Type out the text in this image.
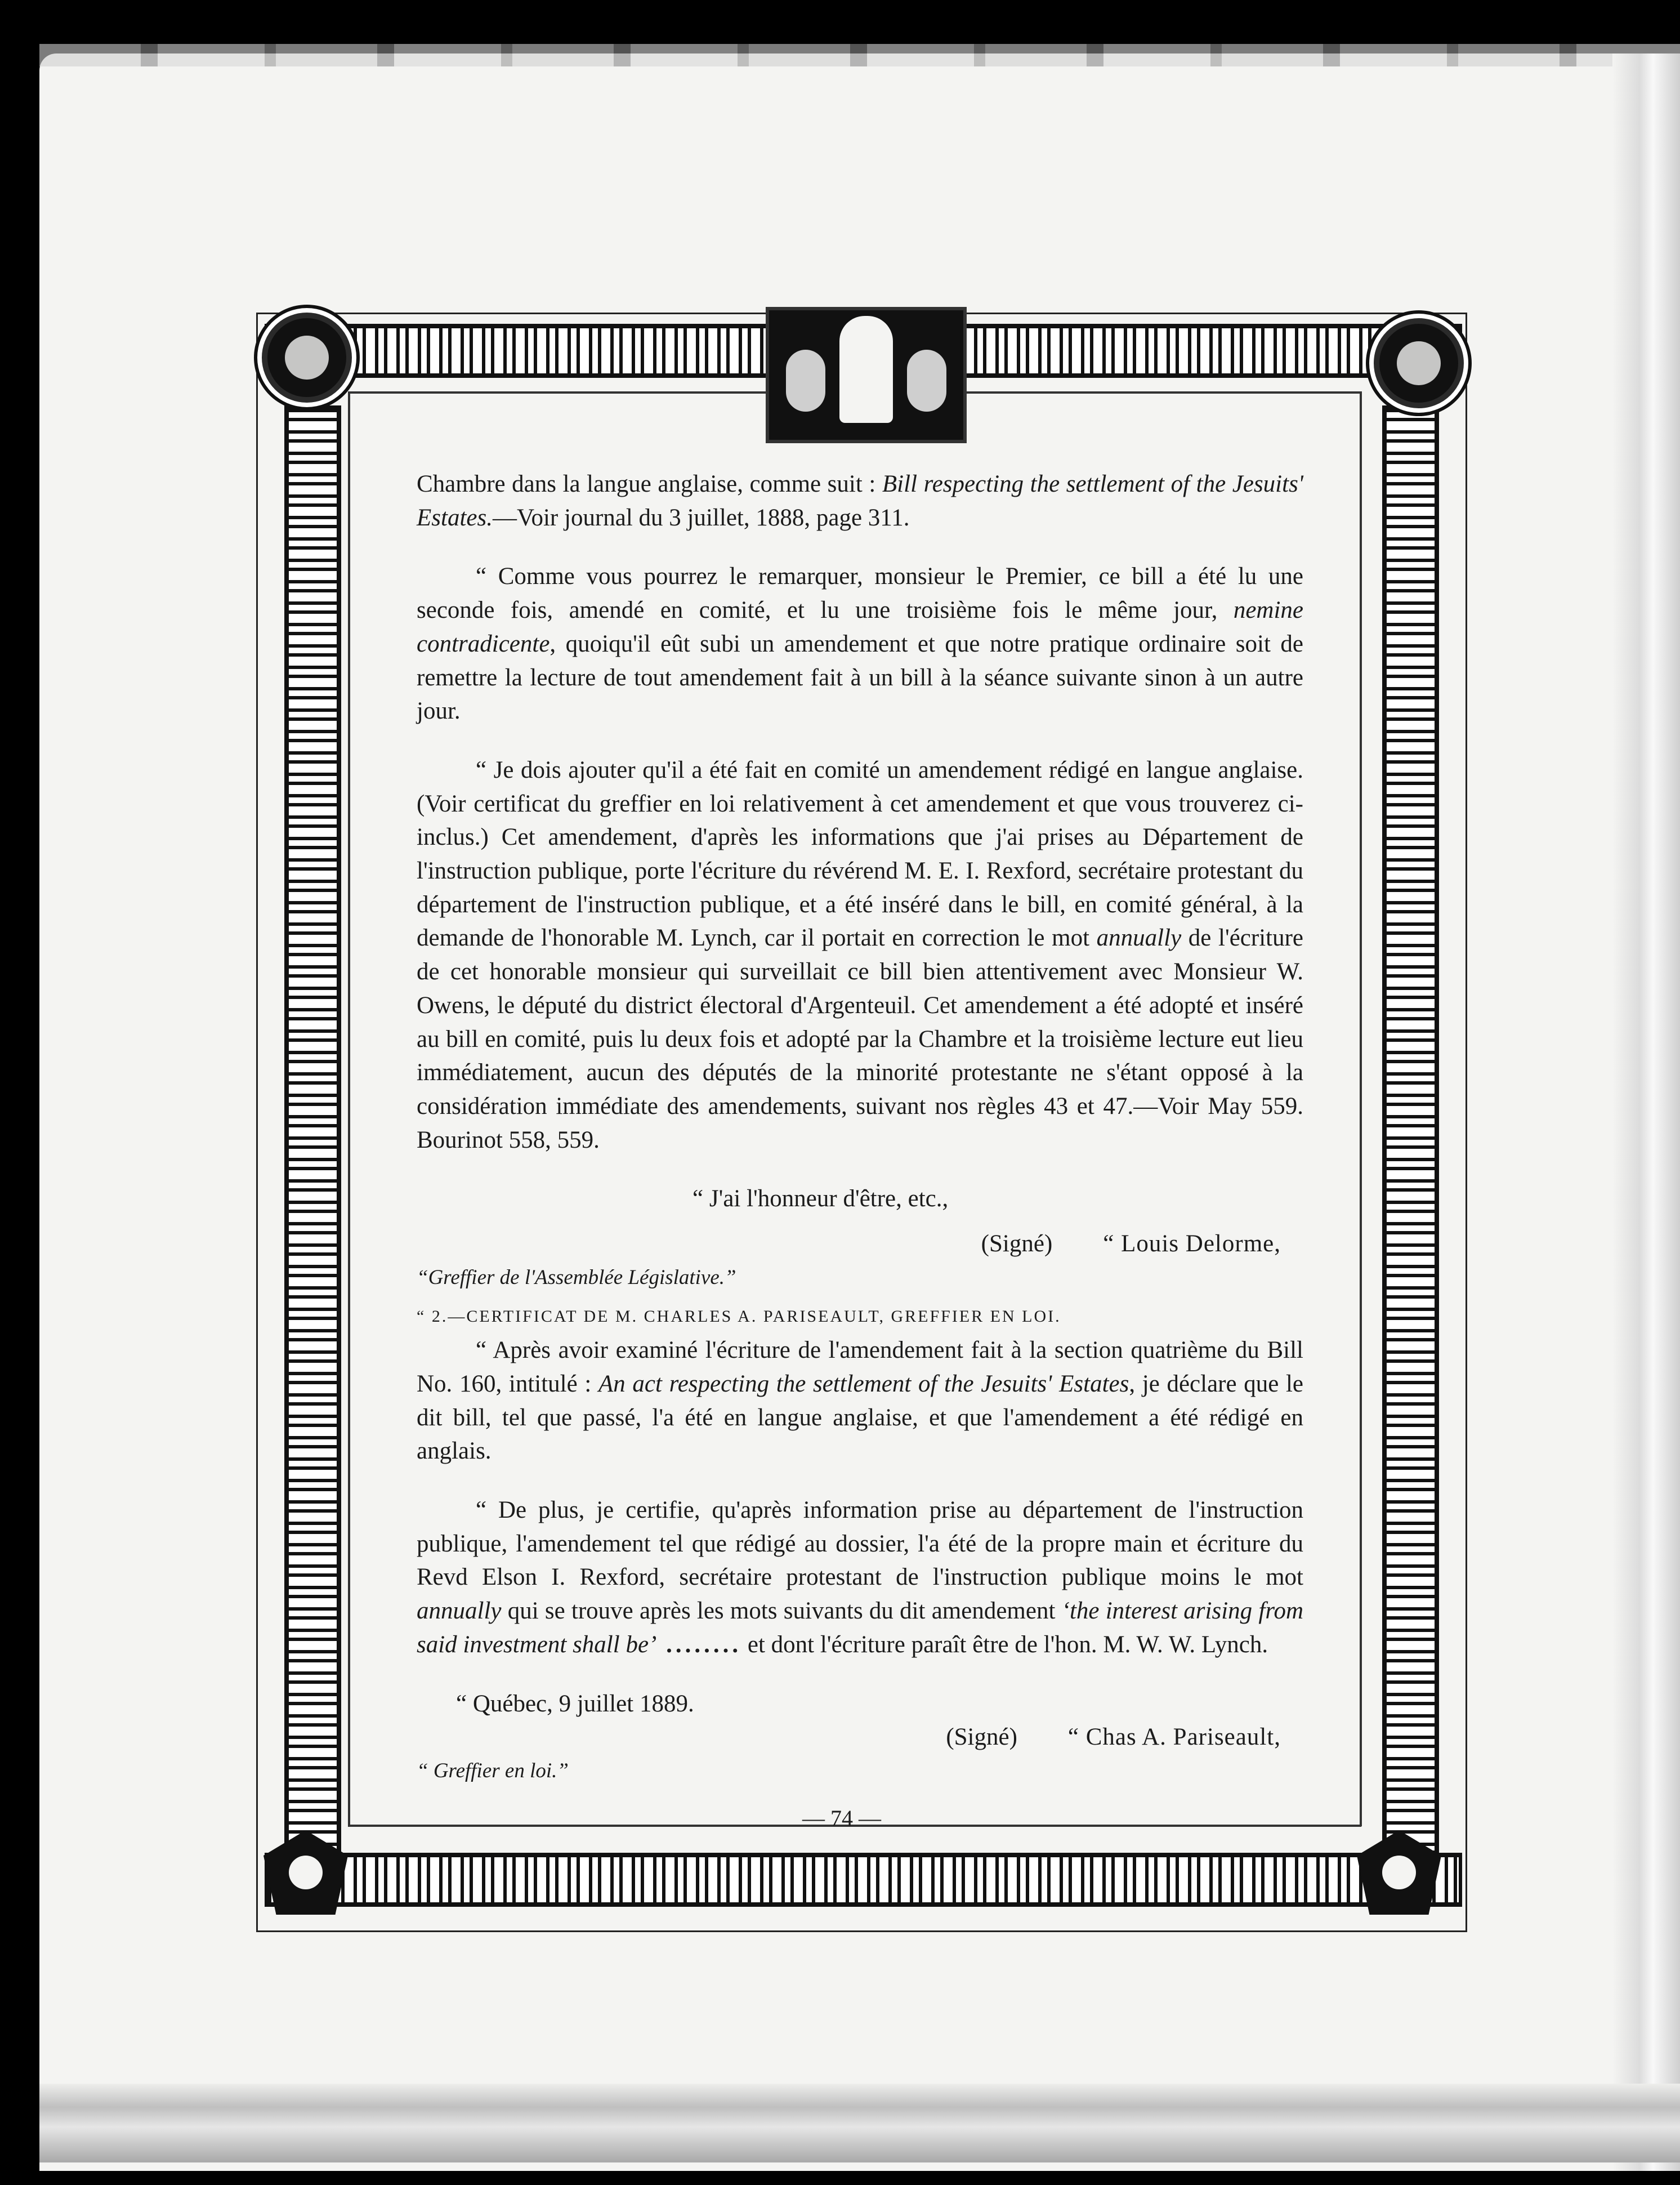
Chambre dans la langue anglaise, comme suit : Bill respecting the settlement of the Jesuits' Estates.—Voir journal du 3 juillet, 1888, page 311.

“ Comme vous pourrez le remarquer, monsieur le Premier, ce bill a été lu une seconde fois, amendé en comité, et lu une troisième fois le même jour, nemine contradicente, quoiqu'il eût subi un amendement et que notre pratique ordinaire soit de remettre la lecture de tout amendement fait à un bill à la séance suivante sinon à un autre jour.

“ Je dois ajouter qu'il a été fait en comité un amendement rédigé en langue anglaise. (Voir certificat du greffier en loi relativement à cet amendement et que vous trouverez ci-inclus.) Cet amendement, d'après les informations que j'ai prises au Département de l'instruction publique, porte l'écriture du révérend M. E. I. Rexford, secrétaire protestant du département de l'instruction publique, et a été inséré dans le bill, en comité général, à la demande de l'honorable M. Lynch, car il portait en correction le mot annually de l'écriture de cet honorable monsieur qui surveillait ce bill bien attentivement avec Monsieur W. Owens, le député du district électoral d'Argenteuil. Cet amendement a été adopté et inséré au bill en comité, puis lu deux fois et adopté par la Chambre et la troisième lecture eut lieu immédiatement, aucun des députés de la minorité protestante ne s'étant opposé à la considération immédiate des amendements, suivant nos règles 43 et 47.—Voir May 559. Bourinot 558, 559.

“ J'ai l'honneur d'être, etc.,

(Signé) “ Louis Delorme,

“Greffier de l'Assemblée Législative.”

“ 2.—CERTIFICAT DE M. CHARLES A. PARISEAULT, GREFFIER EN LOI.

“ Après avoir examiné l'écriture de l'amendement fait à la section quatrième du Bill No. 160, intitulé : An act respecting the settlement of the Jesuits' Estates, je déclare que le dit bill, tel que passé, l'a été en langue anglaise, et que l'amendement a été rédigé en anglais.

“ De plus, je certifie, qu'après information prise au département de l'instruction publique, l'amendement tel que rédigé au dossier, l'a été de la propre main et écriture du Revd Elson I. Rexford, secrétaire protestant de l'instruction publique moins le mot annually qui se trouve après les mots suivants du dit amendement ‘the interest arising from said investment shall be’ ........ et dont l'écriture paraît être de l'hon. M. W. W. Lynch.

“ Québec, 9 juillet 1889.

(Signé) “ Chas A. Pariseault,

“ Greffier en loi.”

— 74 —
